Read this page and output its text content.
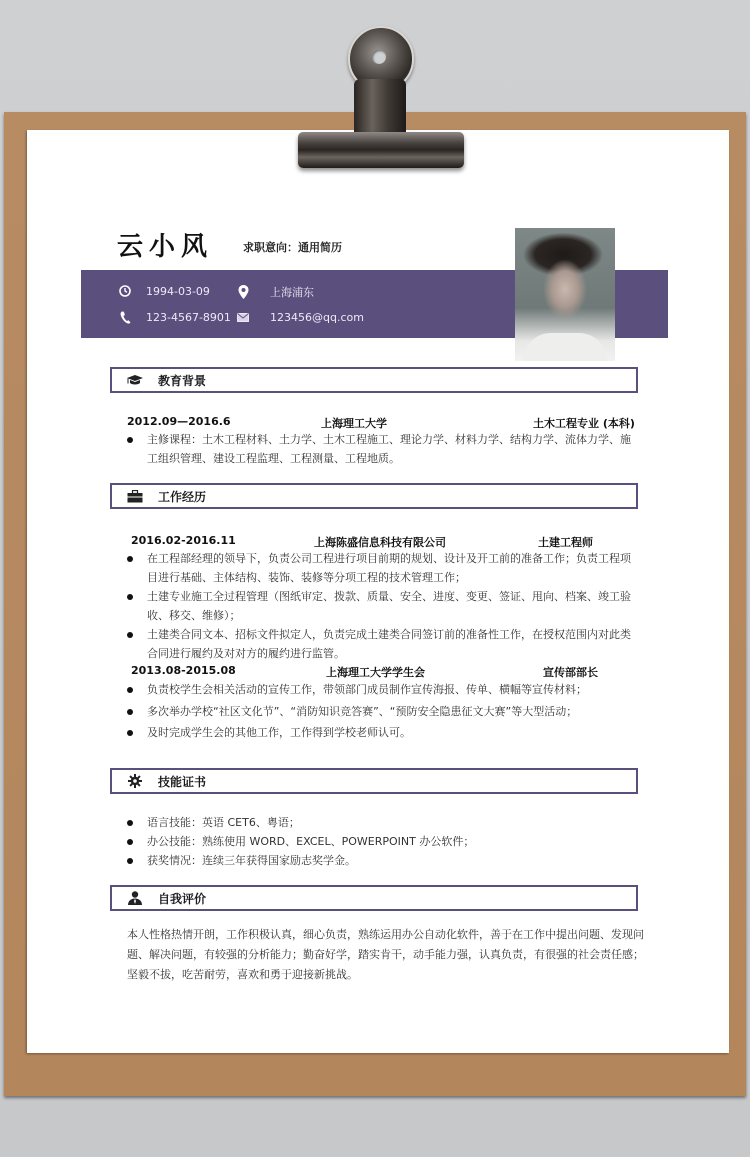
云小风	求职意向：通用简历
1994-03-09	上海浦东
123-4567-8901	123456@qq.com
教育背景
2012.09—2016.6	上海理工大学	土木工程专业 (本科)
主修课程：土木工程材料、土力学、土木工程施工、理论力学、材料力学、结构力学、流体力学、施工组织管理、建设工程监理、工程测量、工程地质。
工作经历
2016.02-2016.11	上海陈盛信息科技有限公司	土建工程师
在工程部经理的领导下，负责公司工程进行项目前期的规划、设计及开工前的准备工作；负责工程项目进行基础、主体结构、装饰、装修等分项工程的技术管理工作；
土建专业施工全过程管理（图纸审定、拨款、质量、安全、进度、变更、签证、甩向、档案、竣工验收、移交、维修）；
土建类合同文本、招标文件拟定人，负责完成土建类合同签订前的准备性工作，在授权范围内对此类合同进行履约及对对方的履约进行监管。
2013.08-2015.08	上海理工大学学生会	宣传部部长
负责校学生会相关活动的宣传工作，带领部门成员制作宣传海报、传单、横幅等宣传材料；
多次举办学校“社区文化节”、“消防知识竞答赛”、“预防安全隐患征文大赛”等大型活动；
及时完成学生会的其他工作，工作得到学校老师认可。
技能证书
语言技能：英语 CET6、粤语；
办公技能：熟练使用 WORD、EXCEL、POWERPOINT 办公软件；
获奖情况：连续三年获得国家励志奖学金。
自我评价
本人性格热情开朗，工作积极认真，细心负责，熟练运用办公自动化软件，善于在工作中提出问题、发现问题、解决问题，有较强的分析能力；勤奋好学，踏实肯干，动手能力强，认真负责，有很强的社会责任感；坚毅不拔，吃苦耐劳，喜欢和勇于迎接新挑战。
